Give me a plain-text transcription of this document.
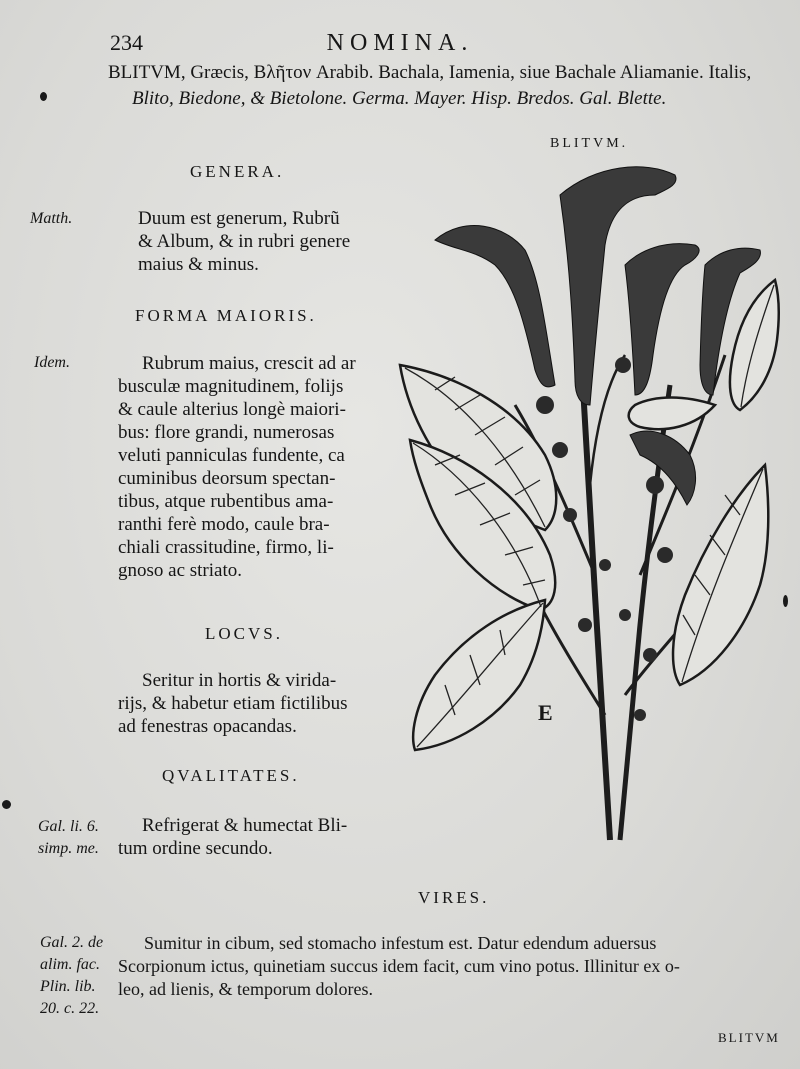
234	NOMINA.
BLITVM, Græcis, Βλῆτον Arabib. Bachala, Iamenia, siue Bachale Aliamanie. Italis,
Blito, Biedone, & Bietolone. Germa. Mayer. Hisp. Bredos. Gal. Blette.
GENERA.
Matth.	Duum est generum, Rubrũ
& Album, & in rubri genere
maius & minus.
FORMA MAIORIS.
Idem.	Rubrum maius, crescit ad ar
busculæ magnitudinem, folijs
& caule alterius longè maiori-
bus: flore grandi, numerosas
veluti panniculas fundente, ca
cuminibus deorsum spectan-
tibus, atque rubentibus ama-
ranthi ferè modo, caule bra-
chiali crassitudine, firmo, li-
gnoso ac striato.
LOCVS.
Seritur in hortis & virida-
rijs, & habetur etiam fictilibus
ad fenestras opacandas.
QVALITATES.
Gal. li. 6.
simp. me.
Refrigerat & humectat Bli-
tum ordine secundo.
VIRES.
Gal. 2. de
alim. fac.
Plin. lib.
20. c. 22.
Sumitur in cibum, sed stomacho infestum est. Datur edendum aduersus
Scorpionum ictus, quinetiam succus idem facit, cum vino potus. Illinitur ex o-
leo, ad lienis, & temporum dolores.
BLITVM.
E
BLITVM
